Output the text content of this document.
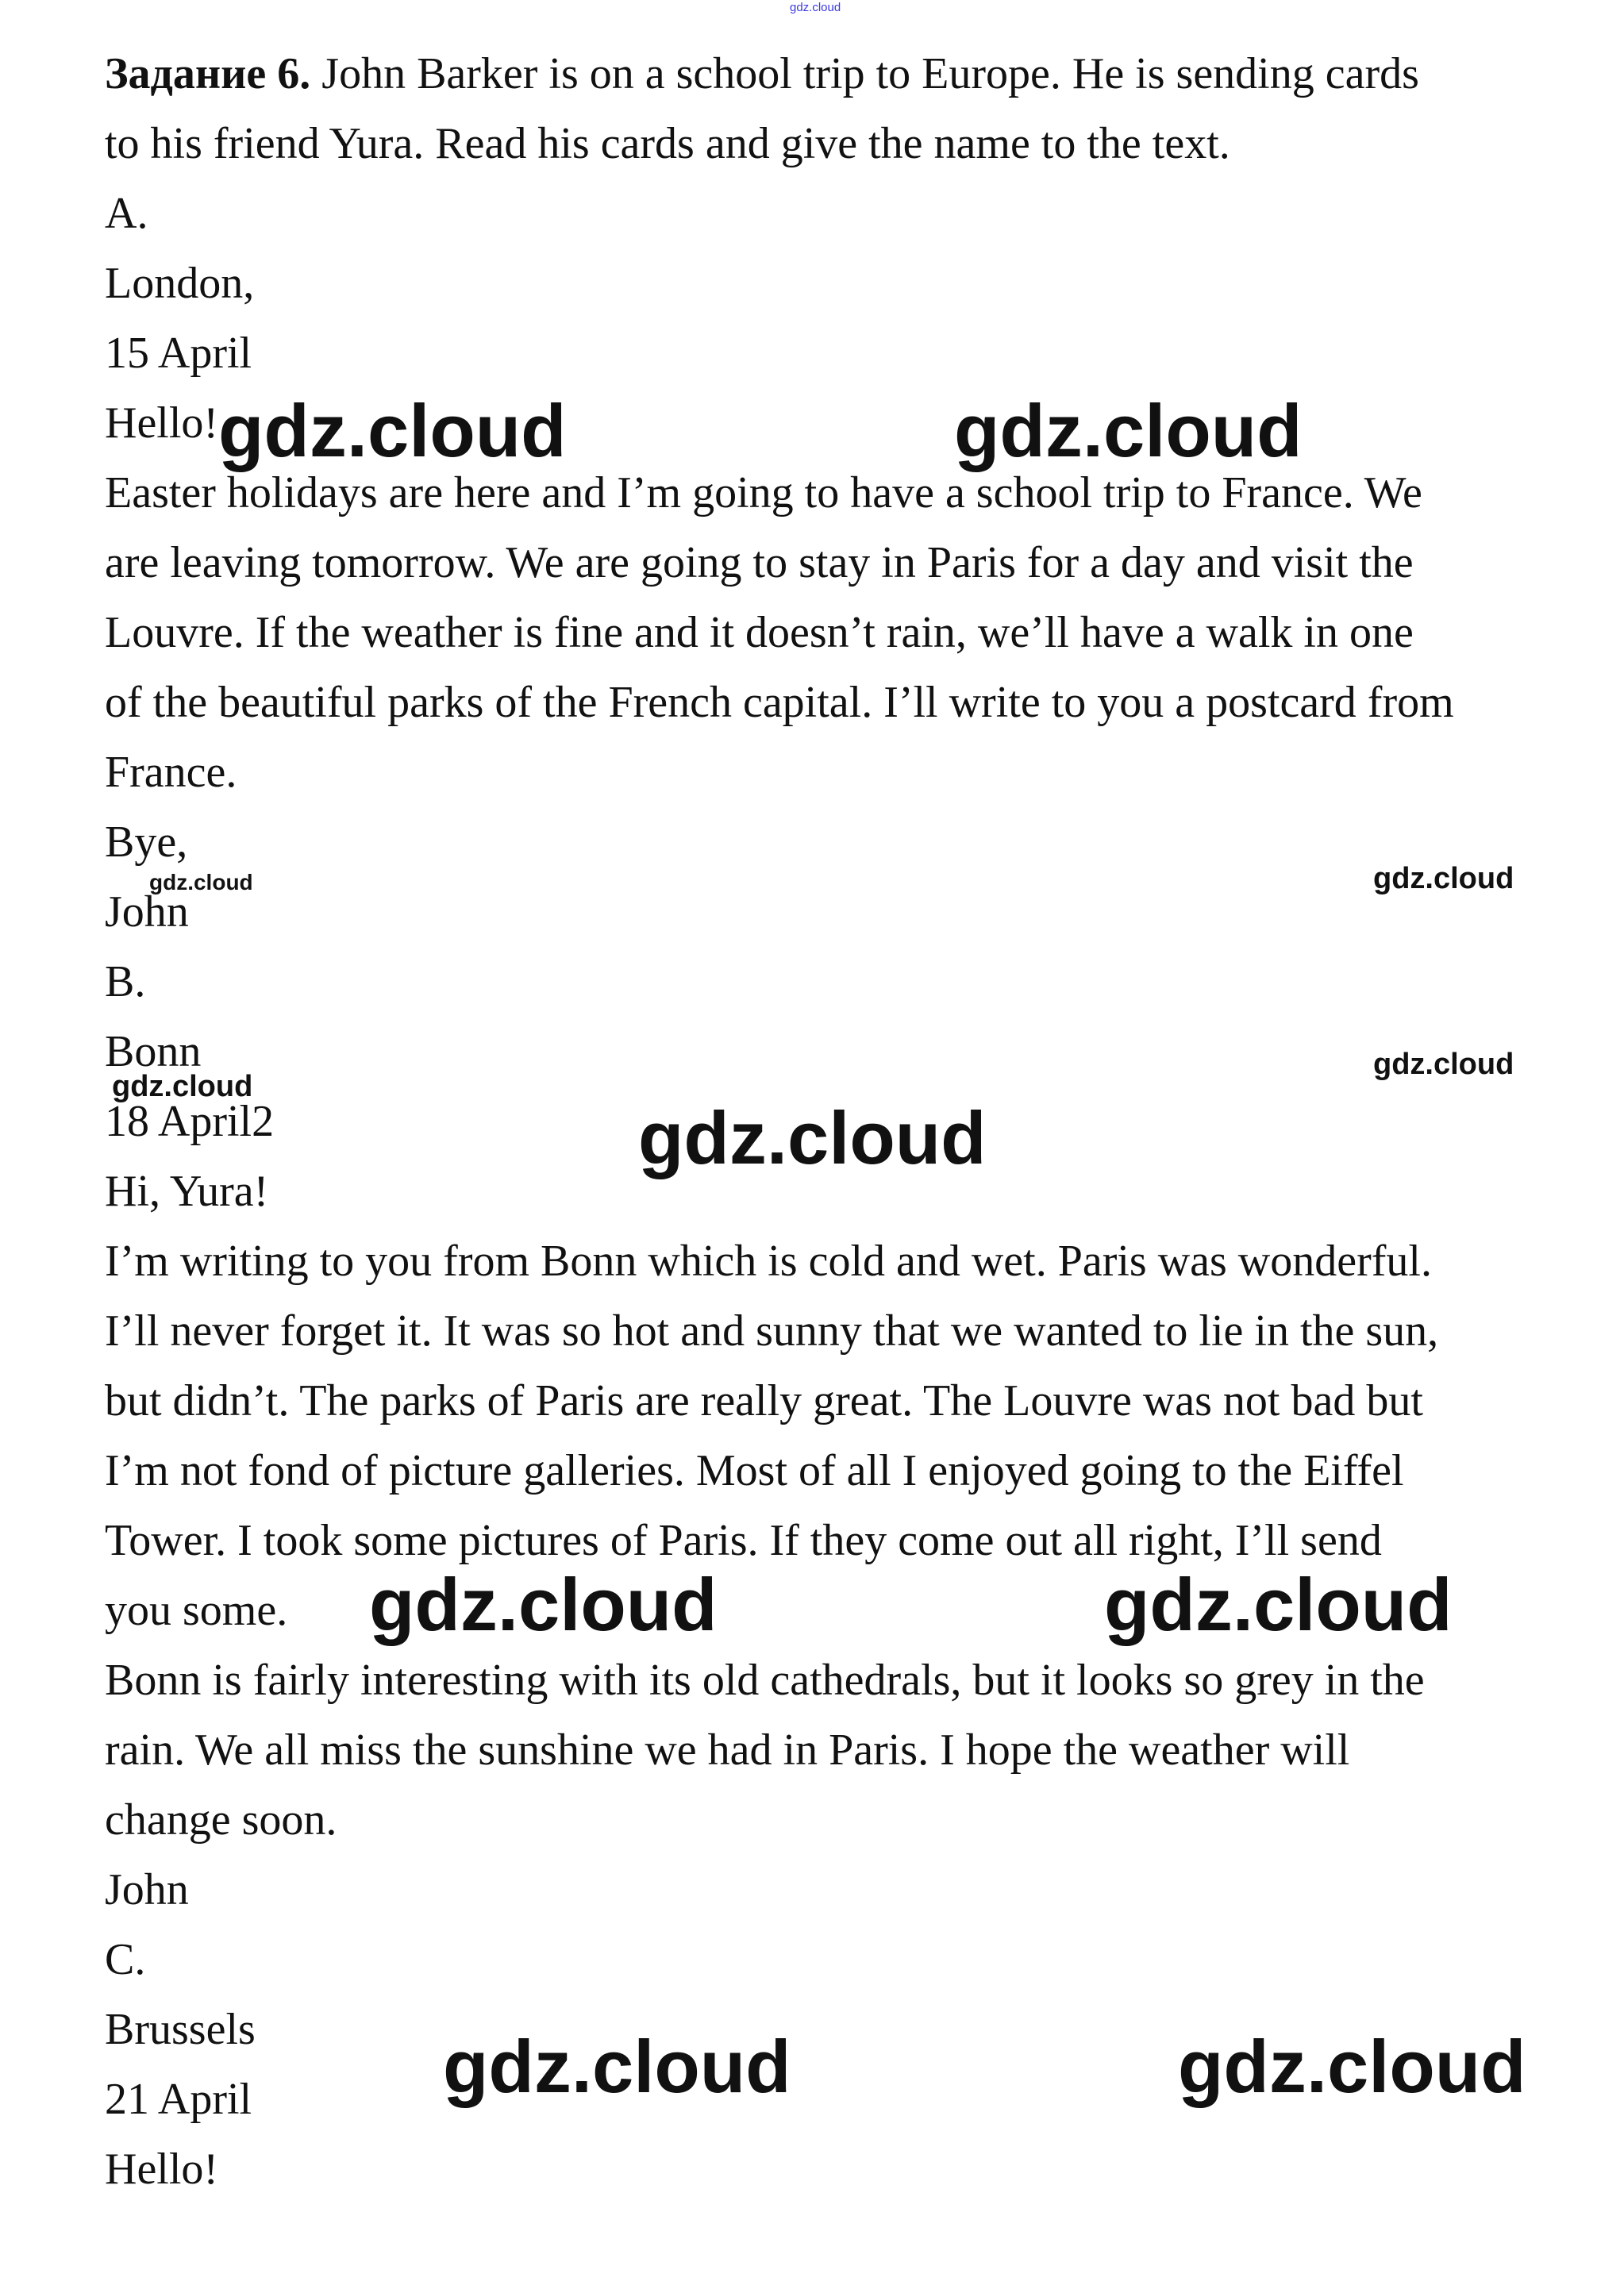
gdz.cloud
Задание 6. John Barker is on a school trip to Europe. He is sending cards
to his friend Yura. Read his cards and give the name to the text.
A.
London,
15 April
Hello!
Easter holidays are here and I’m going to have a school trip to France. We
are leaving tomorrow. We are going to stay in Paris for a day and visit the
Louvre. If the weather is fine and it doesn’t rain, we’ll have a walk in one
of the beautiful parks of the French capital. I’ll write to you a postcard from
France.
Bye,
John
B.
Bonn
18 April2
Hi, Yura!
I’m writing to you from Bonn which is cold and wet. Paris was wonderful.
I’ll never forget it. It was so hot and sunny that we wanted to lie in the sun,
but didn’t. The parks of Paris are really great. The Louvre was not bad but
I’m not fond of picture galleries. Most of all I enjoyed going to the Eiffel
Tower. I took some pictures of Paris. If they come out all right, I’ll send
you some.
Bonn is fairly interesting with its old cathedrals, but it looks so grey in the
rain. We all miss the sunshine we had in Paris. I hope the weather will
change soon.
John
C.
Brussels
21 April
Hello!
gdz.cloud	gdz.cloud
gdz.cloud	gdz.cloud
gdz.cloud
gdz.cloud
gdz.cloud
gdz.cloud	gdz.cloud
gdz.cloud	gdz.cloud
